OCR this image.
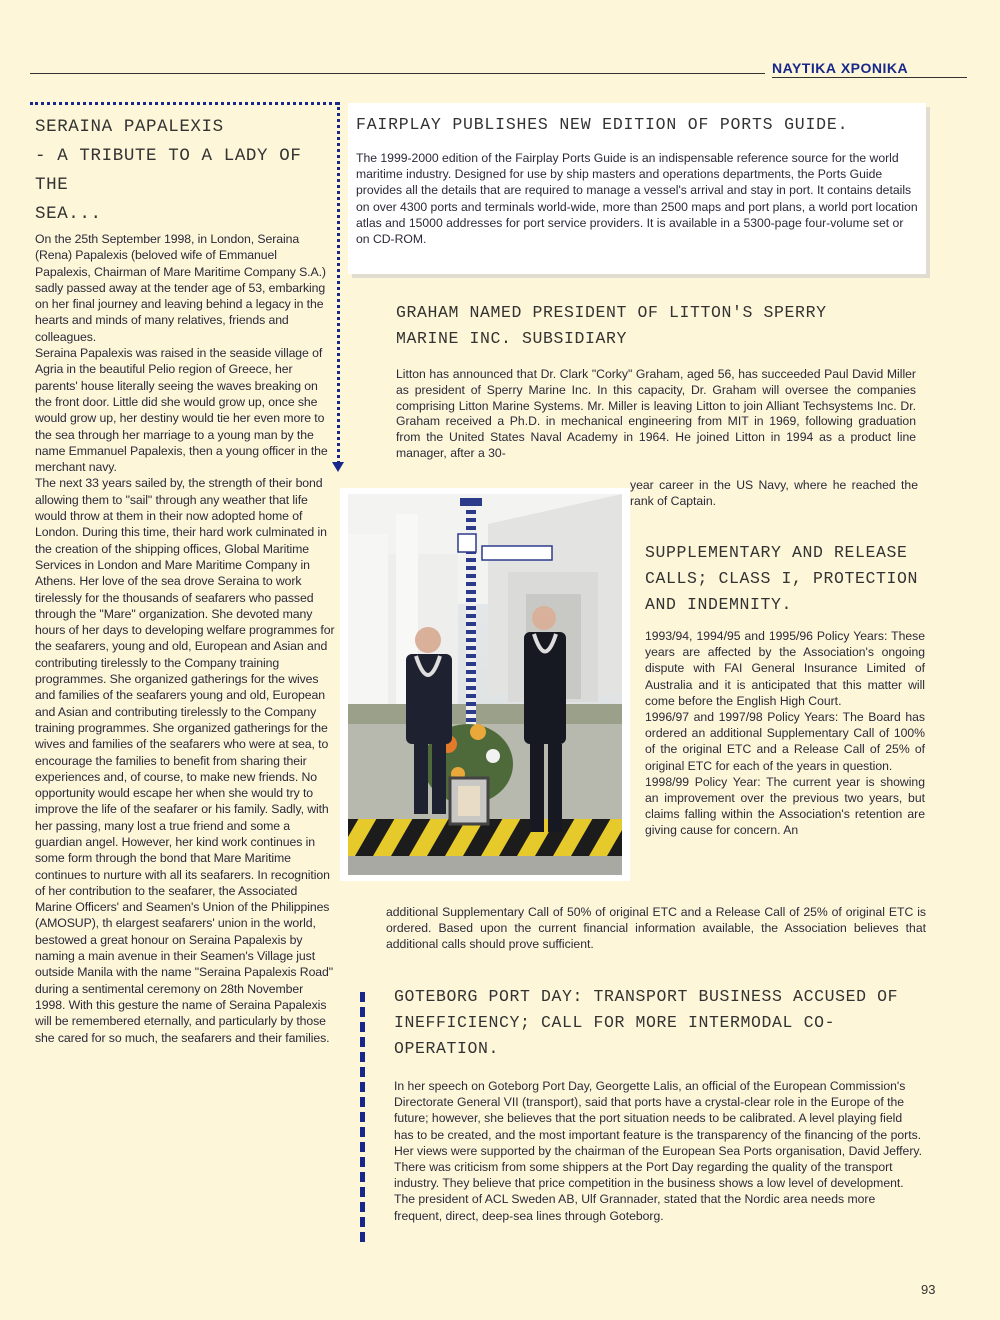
ΝΑΥΤΙΚΑ ΧΡΟΝΙΚΑ
SERAINA PAPALEXIS
- A TRIBUTE TO A LADY OF THE
SEA...

On the 25th September 1998, in London, Seraina (Rena) Papalexis (beloved wife of Emmanuel Papalexis, Chairman of Mare Maritime Company S.A.) sadly passed away at the tender age of 53, embarking on her final journey and leaving behind a legacy in the hearts and minds of many relatives, friends and colleagues.

Seraina Papalexis was raised in the seaside village of Agria in the beautiful Pelio region of Greece, her parents' house literally seeing the waves breaking on the front door. Little did she would grow up, once she would grow up, her destiny would tie her even more to the sea through her marriage to a young man by the name Emmanuel Papalexis, then a young officer in the merchant navy.

The next 33 years sailed by, the strength of their bond allowing them to "sail" through any weather that life would throw at them in their now adopted home of London. During this time, their hard work culminated in the creation of the shipping offices, Global Maritime Services in London and Mare Maritime Company in Athens. Her love of the sea drove Seraina to work tirelessly for the thousands of seafarers who passed through the "Mare" organization. She devoted many hours of her days to developing welfare programmes for the seafarers, young and old, European and Asian and contributing tirelessly to the Company training programmes. She organized gatherings for the wives and families of the seafarers young and old, European and Asian and contributing tirelessly to the Company training programmes. She organized gatherings for the wives and families of the seafarers who were at sea, to encourage the families to benefit from sharing their experiences and, of course, to make new friends. No opportunity would escape her when she would try to improve the life of the seafarer or his family. Sadly, with her passing, many lost a true friend and some a guardian angel. However, her kind work continues in some form through the bond that Mare Maritime continues to nurture with all its seafarers. In recognition of her contribution to the seafarer, the Associated Marine Officers' and Seamen's Union of the Philippines (AMOSUP), th elargest seafarers' union in the world, bestowed a great honour on Seraina Papalexis by naming a main avenue in their Seamen's Village just outside Manila with the name "Seraina Papalexis Road" during a sentimental ceremony on 28th November 1998. With this gesture the name of Seraina Papalexis will be remembered eternally, and particularly by those she cared for so much, the seafarers and their families.

FAIRPLAY PUBLISHES NEW EDITION OF PORTS GUIDE.
The 1999-2000 edition of the Fairplay Ports Guide is an indispensable reference source for the world maritime industry. Designed for use by ship masters and operations departments, the Ports Guide provides all the details that are required to manage a vessel's arrival and stay in port. It contains details on over 4300 ports and terminals world-wide, more than 2500 maps and port plans, a world port location atlas and 15000 addresses for port service providers. It is available in a 5300-page four-volume set or on CD-ROM.
GRAHAM NAMED PRESIDENT OF LITTON'S SPERRY
MARINE INC. SUBSIDIARY
Litton has announced that Dr. Clark "Corky" Graham, aged 56, has succeeded Paul David Miller as president of Sperry Marine Inc. In this capacity, Dr. Graham will oversee the companies comprising Litton Marine Systems. Mr. Miller is leaving Litton to join Alliant Techsystems Inc. Dr. Graham received a Ph.D. in mechanical engineering from MIT in 1969, following graduation from the United States Naval Academy in 1964. He joined Litton in 1994 as a product line manager, after a 30-
year career in the US Navy, where he reached the rank of Captain.
SUPPLEMENTARY AND RELEASE
CALLS; CLASS I, PROTECTION
AND INDEMNITY.

1993/94, 1994/95 and 1995/96 Policy Years: These years are affected by the Association's ongoing dispute with FAI General Insurance Limited of Australia and it is anticipated that this matter will come before the English High Court.

1996/97 and 1997/98 Policy Years: The Board has ordered an additional Supplementary Call of 100% of the original ETC and a Release Call of 25% of original ETC for each of the years in question.

1998/99 Policy Year: The current year is showing an improvement over the previous two years, but claims falling within the Association's retention are giving cause for concern. An

additional Supplementary Call of 50% of original ETC and a Release Call of 25% of original ETC is ordered. Based upon the current financial information available, the Association believes that additional calls should prove sufficient.
GOTEBORG PORT DAY: TRANSPORT BUSINESS ACCUSED OF
INEFFICIENCY; CALL FOR MORE INTERMODAL CO-
OPERATION.

In her speech on Goteborg Port Day, Georgette Lalis, an official of the European Commission's Directorate General VII (transport), said that ports have a crystal-clear role in the Europe of the future; however, she believes that the port situation needs to be calibrated. A level playing field has to be created, and the most important feature is the transparency of the financing of the ports. Her views were supported by the chairman of the European Sea Ports organisation, David Jeffery.

There was criticism from some shippers at the Port Day regarding the quality of the transport industry. They believe that price competition in the business shows a low level of development. The president of ACL Sweden AB, Ulf Grannader, stated that the Nordic area needs more frequent, direct, deep-sea lines through Goteborg.

93
